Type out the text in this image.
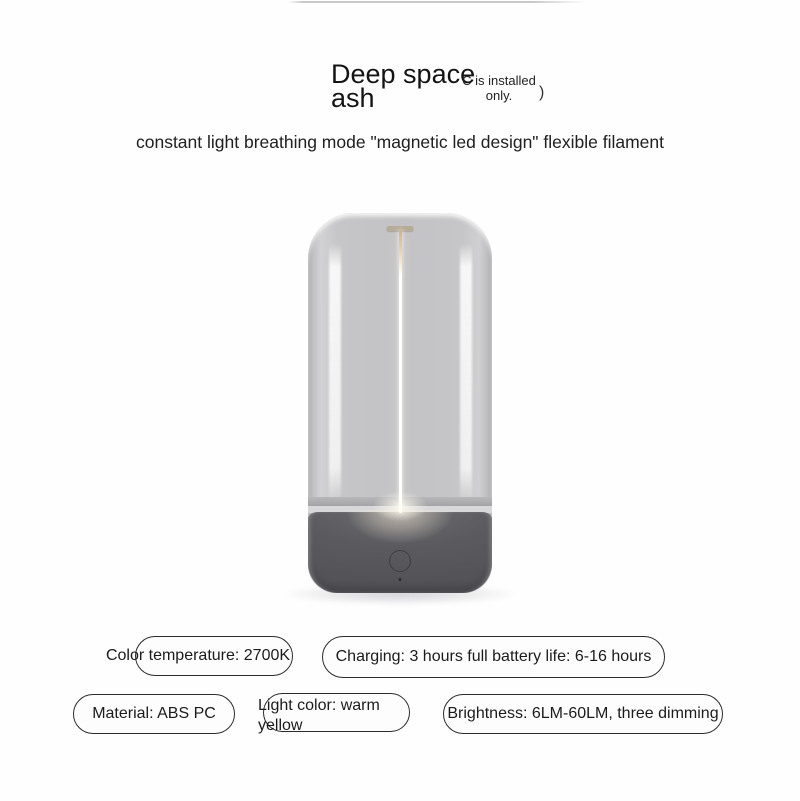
Deep space ash
C is installed only.	)
constant light breathing mode "magnetic led design" flexible filament
Color temperature: 2700K	Charging: 3 hours full battery life: 6-16 hours
Material: ABS PC	Light color: warm yellow
Brightness: 6LM-60LM, three dimming
